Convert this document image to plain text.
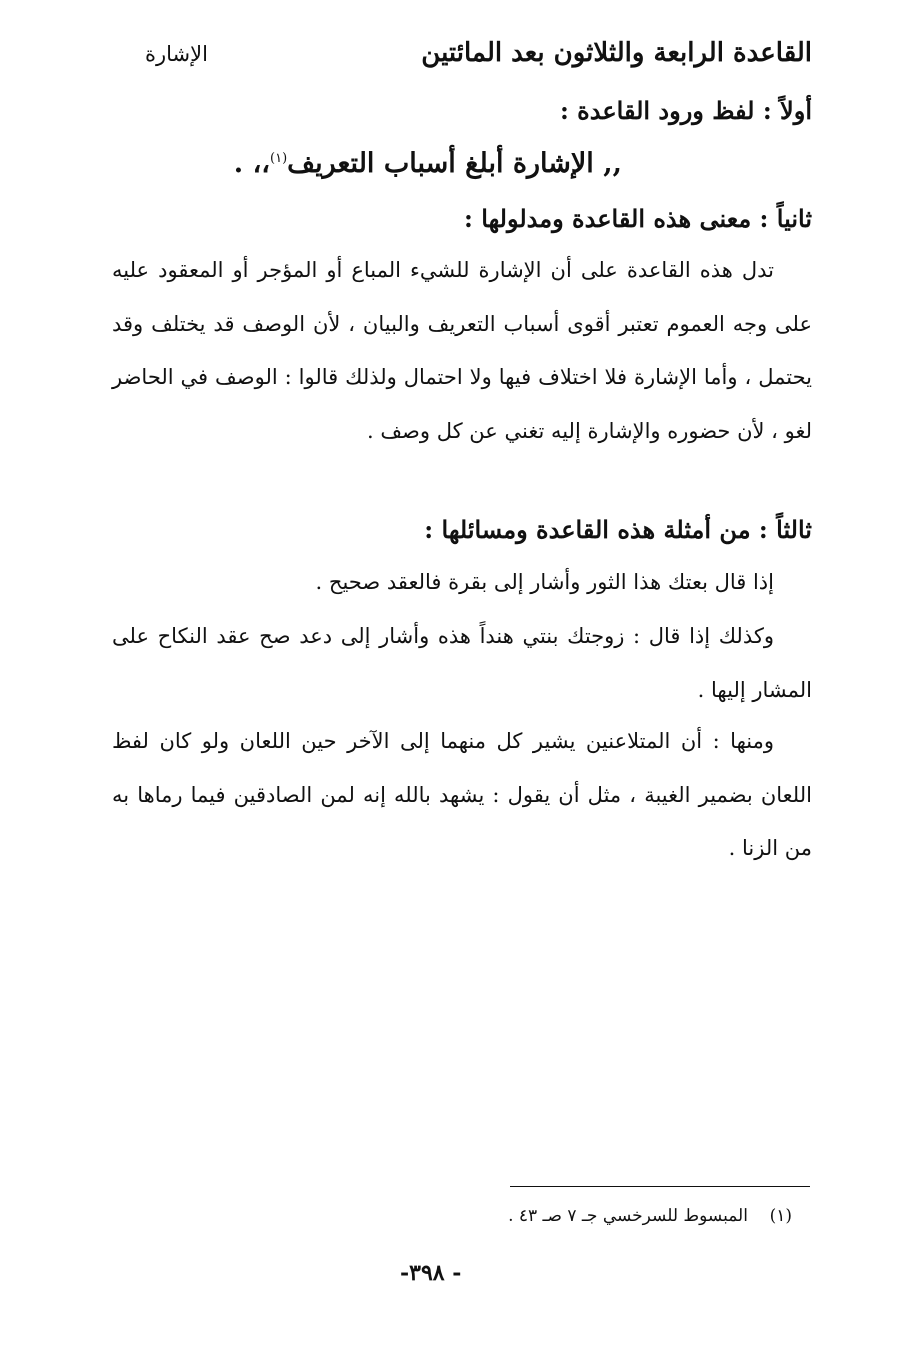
القاعدة الرابعة والثلاثون بعد المائتين
الإشارة
أولاً : لفظ ورود القاعدة :
,, الإشارة أبلغ أسباب التعريف$^{(١)}$،، .
ثانياً : معنى هذه القاعدة ومدلولها :
تدل هذه القاعدة على أن الإشارة للشيء المباع أو المؤجر أو المعقود عليه على وجه العموم تعتبر أقوى أسباب التعريف والبيان ، لأن الوصف قد يختلف وقد يحتمل ، وأما الإشارة فلا اختلاف فيها ولا احتمال ولذلك قالوا : الوصف في الحاضر لغو ، لأن حضوره والإشارة إليه تغني عن كل وصف .
ثالثاً : من أمثلة هذه القاعدة ومسائلها :
إذا قال بعتك هذا الثور وأشار إلى بقرة فالعقد صحيح .
وكذلك إذا قال : زوجتك بنتي هنداً هذه وأشار إلى دعد صح عقد النكاح على المشار إليها .
ومنها : أن المتلاعنين يشير كل منهما إلى الآخر حين اللعان ولو كان لفظ اللعان بضمير الغيبة ، مثل أن يقول : يشهد بالله إنه لمن الصادقين فيما رماها به من الزنا .
(١)    المبسوط للسرخسي جـ ٧ صـ ٤٣ .
- ٣٩٨-
